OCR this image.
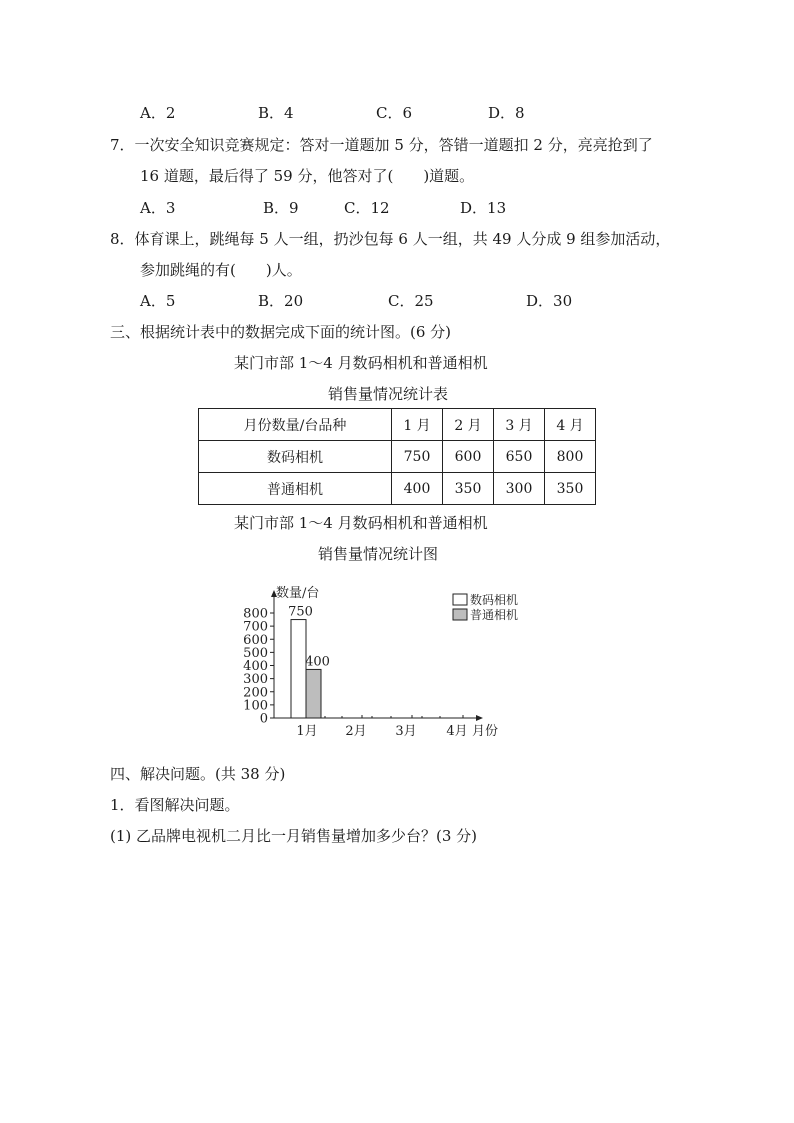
A．2	B．4	C．6	D．8
7．一次安全知识竞赛规定：答对一道题加 5 分，答错一道题扣 2 分，亮亮抢到了
16 道题，最后得了 59 分，他答对了(　　)道题。
A．3	B．9	C．12	D．13
8．体育课上，跳绳每 5 人一组，扔沙包每 6 人一组，共 49 人分成 9 组参加活动，
参加跳绳的有(　　)人。
A．5	B．20	C．25	D．30
三、根据统计表中的数据完成下面的统计图。(6 分)
某门市部 1～4 月数码相机和普通相机
销售量情况统计表
月份数量/台品种	1 月	2 月	3 月	4 月
数码相机	750	600	650	800
普通相机	400	350	300	350
某门市部 1～4 月数码相机和普通相机
销售量情况统计图
0
100
200
300
400
500
600
700
800
数量/台
1月 2月 3月 4月 月份
750
400
数码相机
普通相机
四、解决问题。(共 38 分)
1．看图解决问题。
(1) 乙品牌电视机二月比一月销售量增加多少台？(3 分)
